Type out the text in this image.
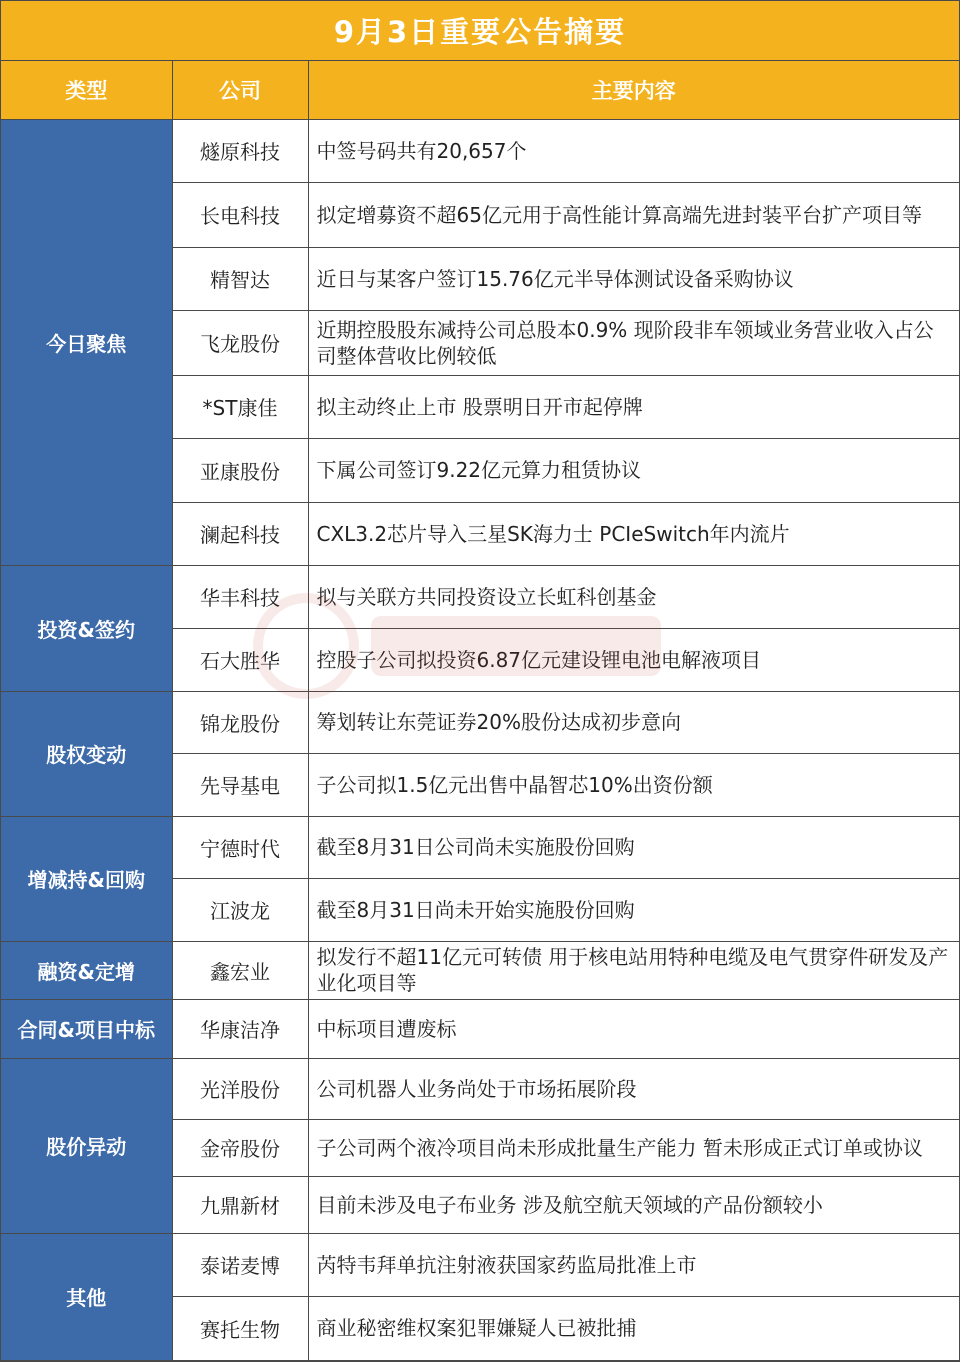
9月3日重要公告摘要
类型	公司	主要内容
今日聚焦	燧原科技	中签号码共有20,657个
	长电科技	拟定增募资不超65亿元用于高性能计算高端先进封装平台扩产项目等
	精智达	近日与某客户签订15.76亿元半导体测试设备采购协议
	飞龙股份	近期控股股东减持公司总股本0.9% 现阶段非车领域业务营业收入占公司整体营收比例较低
	*ST康佳	拟主动终止上市 股票明日开市起停牌
	亚康股份	下属公司签订9.22亿元算力租赁协议
	澜起科技	CXL3.2芯片导入三星SK海力士 PCIeSwitch年内流片
投资&签约	华丰科技	拟与关联方共同投资设立长虹科创基金
	石大胜华	控股子公司拟投资6.87亿元建设锂电池电解液项目
股权变动	锦龙股份	筹划转让东莞证券20%股份达成初步意向
	先导基电	子公司拟1.5亿元出售中晶智芯10%出资份额
增减持&回购	宁德时代	截至8月31日公司尚未实施股份回购
	江波龙	截至8月31日尚未开始实施股份回购
融资&定增	鑫宏业	拟发行不超11亿元可转债 用于核电站用特种电缆及电气贯穿件研发及产业化项目等
合同&项目中标	华康洁净	中标项目遭废标
股价异动	光洋股份	公司机器人业务尚处于市场拓展阶段
	金帝股份	子公司两个液冷项目尚未形成批量生产能力 暂未形成正式订单或协议
	九鼎新材	目前未涉及电子布业务 涉及航空航天领域的产品份额较小
其他	泰诺麦博	芮特韦拜单抗注射液获国家药监局批准上市
	赛托生物	商业秘密维权案犯罪嫌疑人已被批捕
